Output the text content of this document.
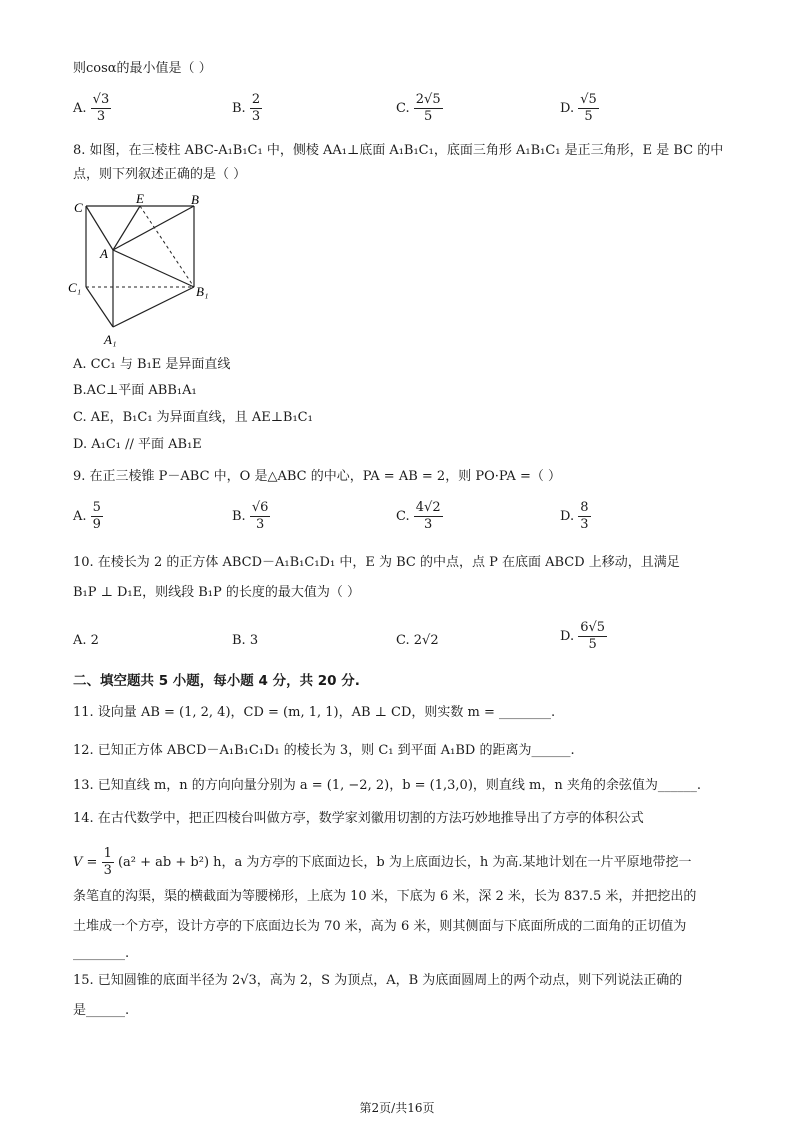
则cosα的最小值是（ ）
A. $\frac{√3}{3}$	B. $\frac{2}{3}$	C. $\frac{2√5}{5}$	D. $\frac{√5}{5}$
8. 如图，在三棱柱 ABC-A₁B₁C₁ 中，侧棱 AA₁⊥底面 A₁B₁C₁，底面三角形 A₁B₁C₁ 是正三角形，E 是 BC 的中
点，则下列叙述正确的是（ ）
C
E	B
A
C₁	B₁
A₁
A. CC₁ 与 B₁E 是异面直线
B.AC⊥平面 ABB₁A₁
C. AE，B₁C₁ 为异面直线，且 AE⊥B₁C₁
D. A₁C₁ // 平面 AB₁E
9. 在正三棱锥 P－ABC 中，O 是△ABC 的中心，PA = AB = 2，则 PO·PA =（ ）
A. $\frac{5}{9}$	B. $\frac{√6}{3}$	C. $\frac{4√2}{3}$	D. $\frac{8}{3}$
10. 在棱长为 2 的正方体 ABCD－A₁B₁C₁D₁ 中，E 为 BC 的中点，点 P 在底面 ABCD 上移动，且满足
B₁P ⊥ D₁E，则线段 B₁P 的长度的最大值为（ ）
A. 2	B. 3	C. 2√2	D. $\frac{6√5}{5}$
二、填空题共 5 小题，每小题 4 分，共 20 分.
11. 设向量 AB = (1, 2, 4)，CD = (m, 1, 1)，AB ⊥ CD，则实数 m = ________.
12. 已知正方体 ABCD－A₁B₁C₁D₁ 的棱长为 3，则 C₁ 到平面 A₁BD 的距离为______.
13. 已知直线 m，n 的方向向量分别为 a = (1, −2, 2)，b = (1,3,0)，则直线 m，n 夹角的余弦值为______.
14. 在古代数学中，把正四棱台叫做方亭，数学家刘徽用切割的方法巧妙地推导出了方亭的体积公式
$V = \frac{1}{3} (a^2$ + ab + b²) h，a 为方亭的下底面边长，b 为上底面边长，h 为高.某地计划在一片平原地带挖一
条笔直的沟渠，渠的横截面为等腰梯形，上底为 10 米，下底为 6 米，深 2 米，长为 837.5 米，并把挖出的
土堆成一个方亭，设计方亭的下底面边长为 70 米，高为 6 米，则其侧面与下底面所成的二面角的正切值为
________.
15. 已知圆锥的底面半径为 2√3，高为 2，S 为顶点，A，B 为底面圆周上的两个动点，则下列说法正确的
是______.
第2页/共16页
